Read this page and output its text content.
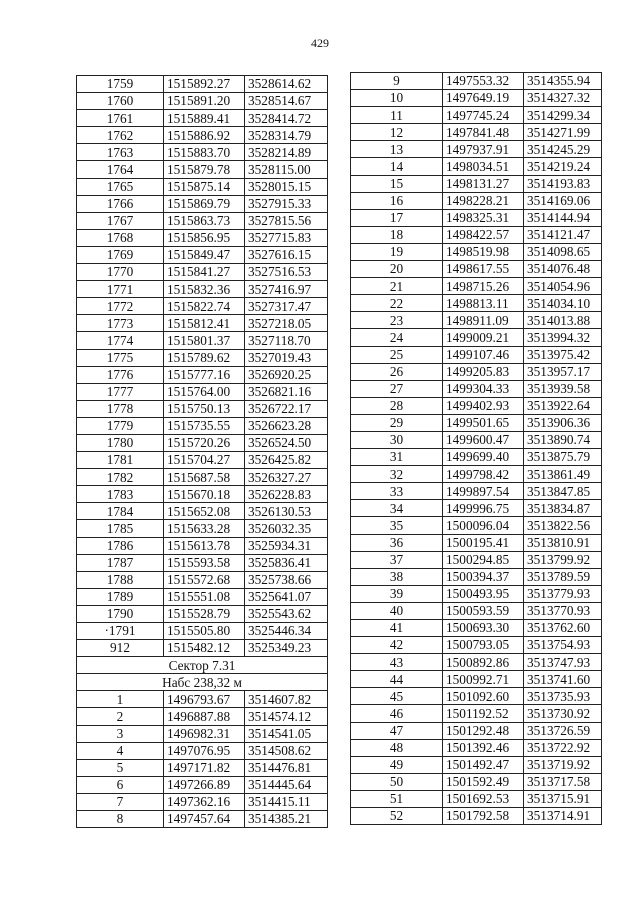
429
1759	1515892.27	3528614.62
1760	1515891.20	3528514.67
1761	1515889.41	3528414.72
1762	1515886.92	3528314.79
1763	1515883.70	3528214.89
1764	1515879.78	3528115.00
1765	1515875.14	3528015.15
1766	1515869.79	3527915.33
1767	1515863.73	3527815.56
1768	1515856.95	3527715.83
1769	1515849.47	3527616.15
1770	1515841.27	3527516.53
1771	1515832.36	3527416.97
1772	1515822.74	3527317.47
1773	1515812.41	3527218.05
1774	1515801.37	3527118.70
1775	1515789.62	3527019.43
1776	1515777.16	3526920.25
1777	1515764.00	3526821.16
1778	1515750.13	3526722.17
1779	1515735.55	3526623.28
1780	1515720.26	3526524.50
1781	1515704.27	3526425.82
1782	1515687.58	3526327.27
1783	1515670.18	3526228.83
1784	1515652.08	3526130.53
1785	1515633.28	3526032.35
1786	1515613.78	3525934.31
1787	1515593.58	3525836.41
1788	1515572.68	3525738.66
1789	1515551.08	3525641.07
1790	1515528.79	3525543.62
·1791	1515505.80	3525446.34
912	1515482.12	3525349.23
Сектор 7.31		
Набс 238,32 м		
1	1496793.67	3514607.82
2	1496887.88	3514574.12
3	1496982.31	3514541.05
4	1497076.95	3514508.62
5	1497171.82	3514476.81
6	1497266.89	3514445.64
7	1497362.16	3514415.11
8	1497457.64	3514385.21
9	1497553.32	3514355.94
10	1497649.19	3514327.32
11	1497745.24	3514299.34
12	1497841.48	3514271.99
13	1497937.91	3514245.29
14	1498034.51	3514219.24
15	1498131.27	3514193.83
16	1498228.21	3514169.06
17	1498325.31	3514144.94
18	1498422.57	3514121.47
19	1498519.98	3514098.65
20	1498617.55	3514076.48
21	1498715.26	3514054.96
22	1498813.11	3514034.10
23	1498911.09	3514013.88
24	1499009.21	3513994.32
25	1499107.46	3513975.42
26	1499205.83	3513957.17
27	1499304.33	3513939.58
28	1499402.93	3513922.64
29	1499501.65	3513906.36
30	1499600.47	3513890.74
31	1499699.40	3513875.79
32	1499798.42	3513861.49
33	1499897.54	3513847.85
34	1499996.75	3513834.87
35	1500096.04	3513822.56
36	1500195.41	3513810.91
37	1500294.85	3513799.92
38	1500394.37	3513789.59
39	1500493.95	3513779.93
40	1500593.59	3513770.93
41	1500693.30	3513762.60
42	1500793.05	3513754.93
43	1500892.86	3513747.93
44	1500992.71	3513741.60
45	1501092.60	3513735.93
46	1501192.52	3513730.92
47	1501292.48	3513726.59
48	1501392.46	3513722.92
49	1501492.47	3513719.92
50	1501592.49	3513717.58
51	1501692.53	3513715.91
52	1501792.58	3513714.91
